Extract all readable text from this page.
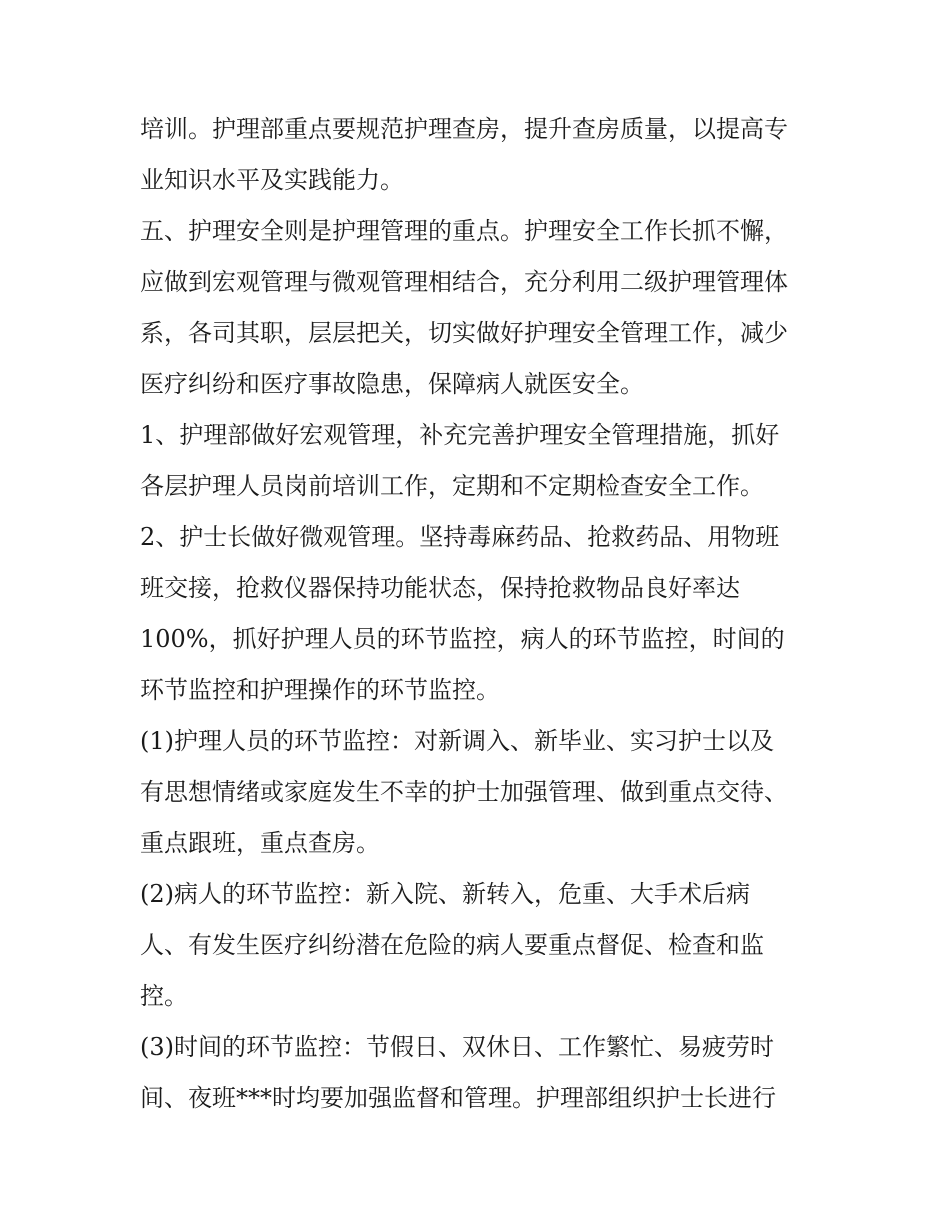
培训。护理部重点要规范护理查房，提升查房质量，以提高专
业知识水平及实践能力。
五、护理安全则是护理管理的重点。护理安全工作长抓不懈，
应做到宏观管理与微观管理相结合，充分利用二级护理管理体
系，各司其职，层层把关，切实做好护理安全管理工作，减少
医疗纠纷和医疗事故隐患，保障病人就医安全。
1、护理部做好宏观管理，补充完善护理安全管理措施，抓好
各层护理人员岗前培训工作，定期和不定期检查安全工作。
2、护士长做好微观管理。坚持毒麻药品、抢救药品、用物班
班交接，抢救仪器保持功能状态，保持抢救物品良好率达
100%，抓好护理人员的环节监控，病人的环节监控，时间的
环节监控和护理操作的环节监控。
(1)护理人员的环节监控：对新调入、新毕业、实习护士以及
有思想情绪或家庭发生不幸的护士加强管理、做到重点交待、
重点跟班，重点查房。
(2)病人的环节监控：新入院、新转入，危重、大手术后病
人、有发生医疗纠纷潜在危险的病人要重点督促、检查和监
控。
(3)时间的环节监控：节假日、双休日、工作繁忙、易疲劳时
间、夜班***时均要加强监督和管理。护理部组织护士长进行
